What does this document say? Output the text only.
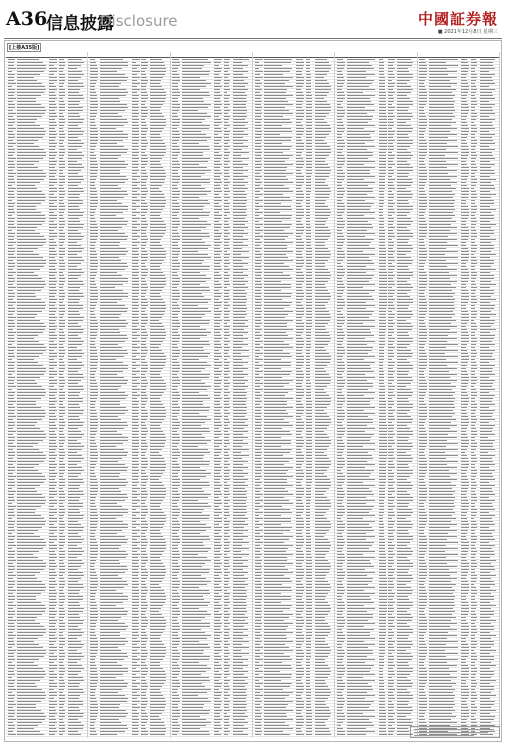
A36
信息披露
Disclosure	中國証券報
■ 2021年12月8日 星期三
[上接A35版]
